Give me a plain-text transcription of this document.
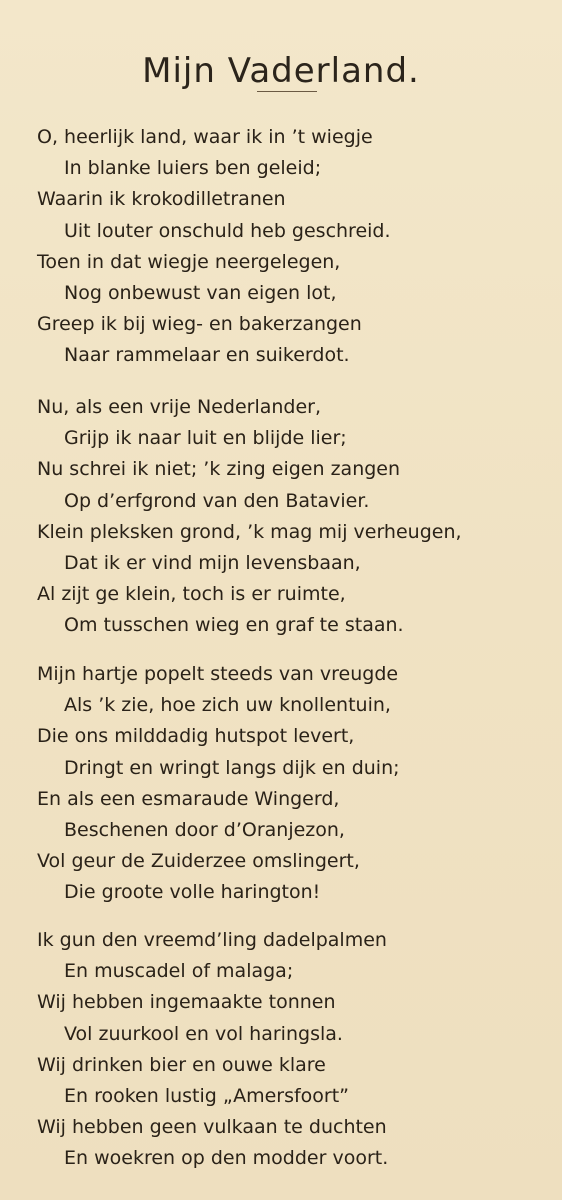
Mijn Vaderland.
O, heerlijk land, waar ik in ’t wiegje
In blanke luiers ben geleid;
Waarin ik krokodilletranen
Uit louter onschuld heb geschreid.
Toen in dat wiegje neergelegen,
Nog onbewust van eigen lot,
Greep ik bij wieg- en bakerzangen
Naar rammelaar en suikerdot.
Nu, als een vrije Nederlander,
Grijp ik naar luit en blijde lier;
Nu schrei ik niet; ’k zing eigen zangen
Op d’erfgrond van den Batavier.
Klein pleksken grond, ’k mag mij verheugen,
Dat ik er vind mijn levensbaan,
Al zijt ge klein, toch is er ruimte,
Om tusschen wieg en graf te staan.
Mijn hartje popelt steeds van vreugde
Als ’k zie, hoe zich uw knollentuin,
Die ons milddadig hutspot levert,
Dringt en wringt langs dijk en duin;
En als een esmaraude Wingerd,
Beschenen door d’Oranjezon,
Vol geur de Zuiderzee omslingert,
Die groote volle harington!
Ik gun den vreemd’ling dadelpalmen
En muscadel of malaga;
Wij hebben ingemaakte tonnen
Vol zuurkool en vol haringsla.
Wij drinken bier en ouwe klare
En rooken lustig „Amersfoort”
Wij hebben geen vulkaan te duchten
En woekren op den modder voort.
